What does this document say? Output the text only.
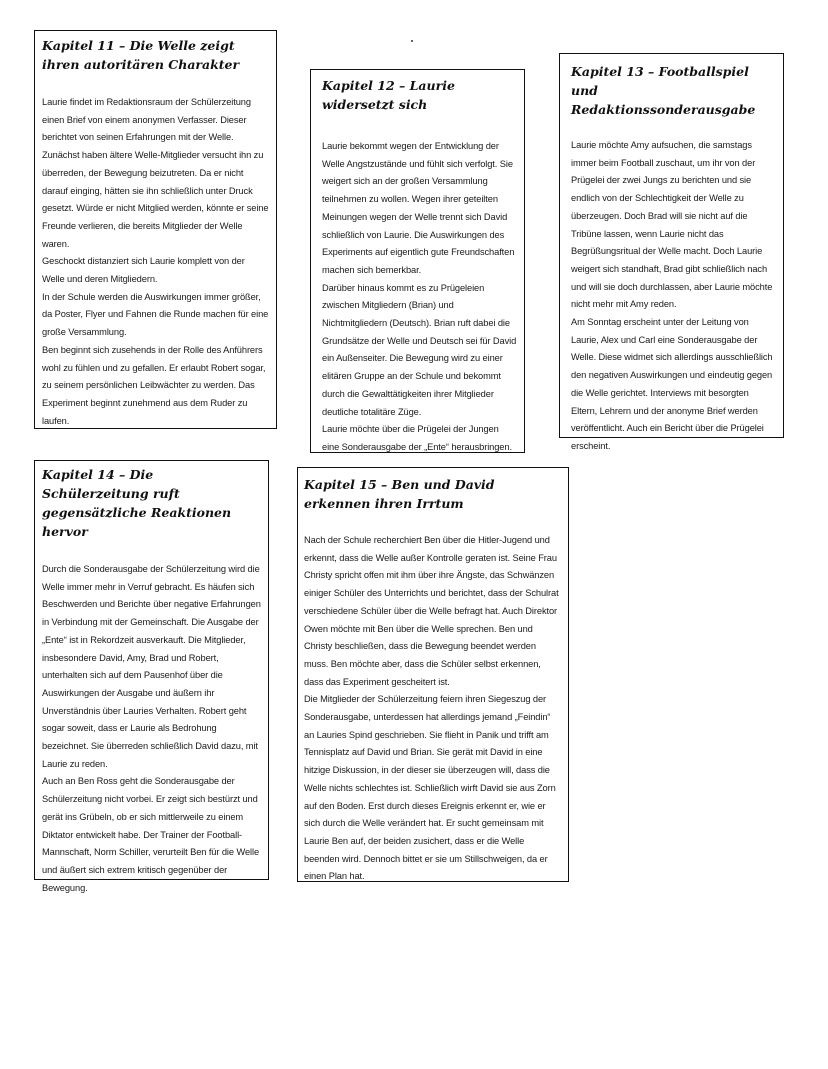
Kapitel 11 – Die Welle zeigt ihren autoritären Charakter

Laurie findet im Redaktionsraum der Schülerzeitung einen Brief von einem anonymen Verfasser. Dieser berichtet von seinen Erfahrungen mit der Welle. Zunächst haben ältere Welle-Mitglieder versucht ihn zu überreden, der Bewegung beizutreten. Da er nicht darauf einging, hätten sie ihn schließlich unter Druck gesetzt. Würde er nicht Mitglied werden, könnte er seine Freunde verlieren, die bereits Mitglieder der Welle waren.
Geschockt distanziert sich Laurie komplett von der Welle und deren Mitgliedern.
In der Schule werden die Auswirkungen immer größer, da Poster, Flyer und Fahnen die Runde machen für eine große Versammlung.
Ben beginnt sich zusehends in der Rolle des Anführers wohl zu fühlen und zu gefallen. Er erlaubt Robert sogar, zu seinem persönlichen Leibwächter zu werden. Das Experiment beginnt zunehmend aus dem Ruder zu laufen.

Kapitel 12 – Laurie widersetzt sich

Laurie bekommt wegen der Entwicklung der Welle Angstzustände und fühlt sich verfolgt. Sie weigert sich an der großen Versammlung teilnehmen zu wollen. Wegen ihrer geteilten Meinungen wegen der Welle trennt sich David schließlich von Laurie. Die Auswirkungen des Experiments auf eigentlich gute Freundschaften machen sich bemerkbar.
Darüber hinaus kommt es zu Prügeleien zwischen Mitgliedern (Brian) und Nichtmitgliedern (Deutsch). Brian ruft dabei die Grundsätze der Welle und Deutsch sei für David ein Außenseiter. Die Bewegung wird zu einer elitären Gruppe an der Schule und bekommt durch die Gewalttätigkeiten ihrer Mitglieder deutliche totalitäre Züge.
Laurie möchte über die Prügelei der Jungen eine Sonderausgabe der „Ente“ herausbringen.

Kapitel 13 – Footballspiel und Redaktionssonderausgabe

Laurie möchte Amy aufsuchen, die samstags immer beim Football zuschaut, um ihr von der Prügelei der zwei Jungs zu berichten und sie endlich von der Schlechtigkeit der Welle zu überzeugen. Doch Brad will sie nicht auf die Tribüne lassen, wenn Laurie nicht das Begrüßungsritual der Welle macht. Doch Laurie weigert sich standhaft, Brad gibt schließlich nach und will sie doch durchlassen, aber Laurie möchte nicht mehr mit Amy reden.
Am Sonntag erscheint unter der Leitung von Laurie, Alex und Carl eine Sonderausgabe der Welle. Diese widmet sich allerdings ausschließlich den negativen Auswirkungen und eindeutig gegen die Welle gerichtet. Interviews mit besorgten Eltern, Lehrern und der anonyme Brief werden veröffentlicht. Auch ein Bericht über die Prügelei erscheint.

Kapitel 14 – Die Schülerzeitung ruft gegensätzliche Reaktionen hervor

Durch die Sonderausgabe der Schülerzeitung wird die Welle immer mehr in Verruf gebracht. Es häufen sich Beschwerden und Berichte über negative Erfahrungen in Verbindung mit der Gemeinschaft. Die Ausgabe der „Ente“ ist in Rekordzeit ausverkauft. Die Mitglieder, insbesondere David, Amy, Brad und Robert, unterhalten sich auf dem Pausenhof über die Auswirkungen der Ausgabe und äußern ihr Unverständnis über Lauries Verhalten. Robert geht sogar soweit, dass er Laurie als Bedrohung bezeichnet. Sie überreden schließlich David dazu, mit Laurie zu reden.
Auch an Ben Ross geht die Sonderausgabe der Schülerzeitung nicht vorbei. Er zeigt sich bestürzt und gerät ins Grübeln, ob er sich mittlerweile zu einem Diktator entwickelt habe. Der Trainer der Football-Mannschaft, Norm Schiller, verurteilt Ben für die Welle und äußert sich extrem kritisch gegenüber der Bewegung.

Kapitel 15 – Ben und David erkennen ihren Irrtum

Nach der Schule recherchiert Ben über die Hitler-Jugend und erkennt, dass die Welle außer Kontrolle geraten ist. Seine Frau Christy spricht offen mit ihm über ihre Ängste, das Schwänzen einiger Schüler des Unterrichts und berichtet, dass der Schulrat verschiedene Schüler über die Welle befragt hat. Auch Direktor Owen möchte mit Ben über die Welle sprechen. Ben und Christy beschließen, dass die Bewegung beendet werden muss. Ben möchte aber, dass die Schüler selbst erkennen, dass das Experiment gescheitert ist.
Die Mitglieder der Schülerzeitung feiern ihren Siegeszug der Sonderausgabe, unterdessen hat allerdings jemand „Feindin“ an Lauries Spind geschrieben. Sie flieht in Panik und trifft am Tennisplatz auf David und Brian. Sie gerät mit David in eine hitzige Diskussion, in der dieser sie überzeugen will, dass die Welle nichts schlechtes ist. Schließlich wirft David sie aus Zorn auf den Boden. Erst durch dieses Ereignis erkennt er, wie er sich durch die Welle verändert hat. Er sucht gemeinsam mit Laurie Ben auf, der beiden zusichert, dass er die Welle beenden wird. Dennoch bittet er sie um Stillschweigen, da er einen Plan hat.
